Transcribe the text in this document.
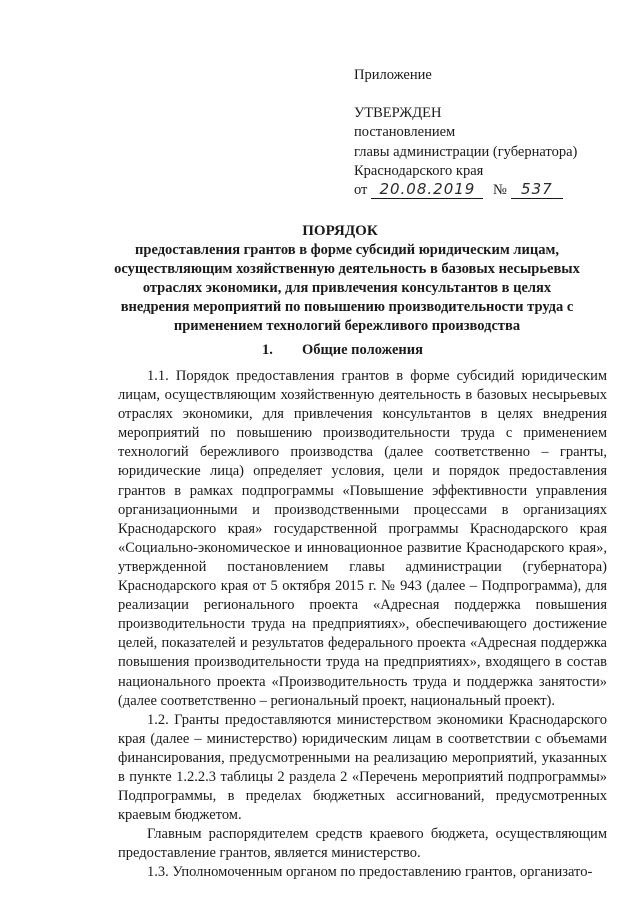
Приложение
УТВЕРЖДЕН
постановлением
главы администрации (губернатора)
Краснодарского края
от 20.08.2019 № 537
ПОРЯДОК
предоставления грантов в форме субсидий юридическим лицам, осуществляющим хозяйственную деятельность в базовых несырьевых отраслях экономики, для привлечения консультантов в целях внедрения мероприятий по повышению производительности труда с применением технологий бережливого производства
1. Общие положения

1.1. Порядок предоставления грантов в форме субсидий юридическим лицам, осуществляющим хозяйственную деятельность в базовых несырьевых отраслях экономики, для привлечения консультантов в целях внедрения мероприятий по повышению производительности труда с применением технологий бережливого производства (далее соответственно – гранты, юридические лица) определяет условия, цели и порядок предоставления грантов в рамках подпрограммы «Повышение эффективности управления организационными и производственными процессами в организациях Краснодарского края» государственной программы Краснодарского края «Социально-экономическое и инновационное развитие Краснодарского края», утвержденной постановлением главы администрации (губернатора) Краснодарского края от 5 октября 2015 г. № 943 (далее – Подпрограмма), для реализации регионального проекта «Адресная поддержка повышения производительности труда на предприятиях», обеспечивающего достижение целей, показателей и результатов федерального проекта «Адресная поддержка повышения производительности труда на предприятиях», входящего в состав национального проекта «Производительность труда и поддержка занятости» (далее соответственно – региональный проект, национальный проект).

1.2. Гранты предоставляются министерством экономики Краснодарского края (далее – министерство) юридическим лицам в соответствии с объемами финансирования, предусмотренными на реализацию мероприятий, указанных в пункте 1.2.2.3 таблицы 2 раздела 2 «Перечень мероприятий подпрограммы» Подпрограммы, в пределах бюджетных ассигнований, предусмотренных краевым бюджетом.

Главным распорядителем средств краевого бюджета, осуществляющим предоставление грантов, является министерство.

1.3. Уполномоченным органом по предоставлению грантов, организато-
